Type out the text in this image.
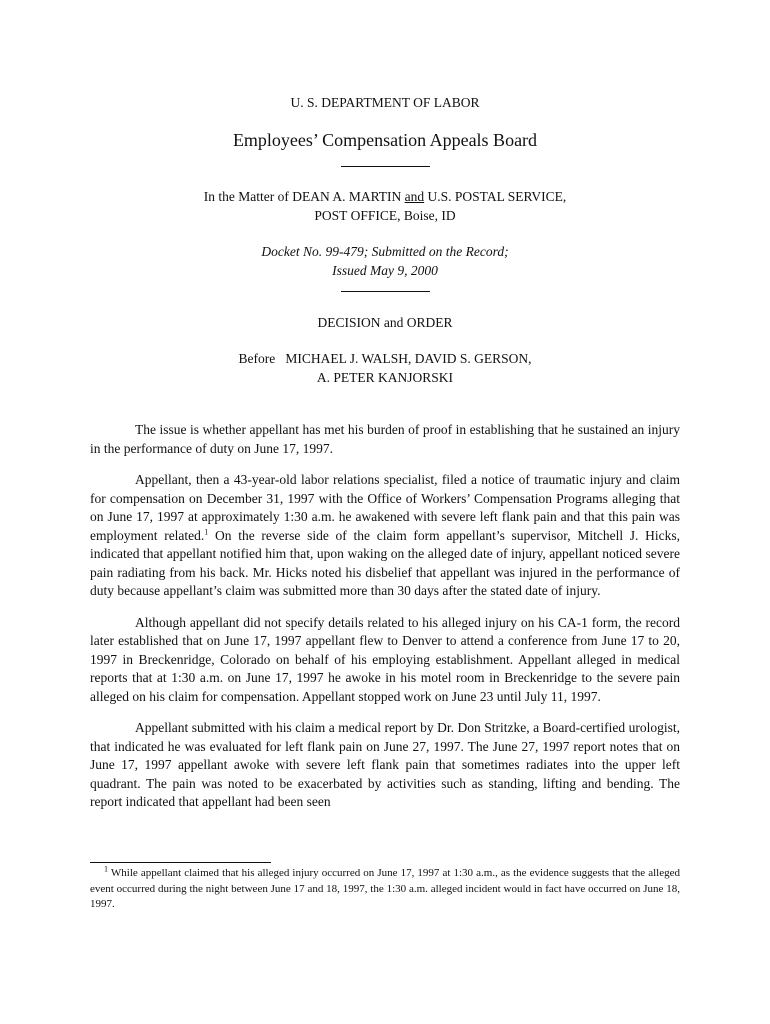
U. S. DEPARTMENT OF LABOR
Employees’ Compensation Appeals Board
In the Matter of DEAN A. MARTIN and U.S. POSTAL SERVICE,
POST OFFICE, Boise, ID
Docket No. 99-479; Submitted on the Record;
Issued May 9, 2000
DECISION and ORDER
Before   MICHAEL J. WALSH, DAVID S. GERSON,
A. PETER KANJORSKI

The issue is whether appellant has met his burden of proof in establishing that he sustained an injury in the performance of duty on June 17, 1997.

Appellant, then a 43-year-old labor relations specialist, filed a notice of traumatic injury and claim for compensation on December 31, 1997 with the Office of Workers’ Compensation Programs alleging that on June 17, 1997 at approximately 1:30 a.m. he awakened with severe left flank pain and that this pain was employment related.$^1$ On the reverse side of the claim form appellant’s supervisor, Mitchell J. Hicks, indicated that appellant notified him that, upon waking on the alleged date of injury, appellant noticed severe pain radiating from his back. Mr. Hicks noted his disbelief that appellant was injured in the performance of duty because appellant’s claim was submitted more than 30 days after the stated date of injury.

Although appellant did not specify details related to his alleged injury on his CA-1 form, the record later established that on June 17, 1997 appellant flew to Denver to attend a conference from June 17 to 20, 1997 in Breckenridge, Colorado on behalf of his employing establishment. Appellant alleged in medical reports that at 1:30 a.m. on June 17, 1997 he awoke in his motel room in Breckenridge to the severe pain alleged on his claim for compensation. Appellant stopped work on June 23 until July 11, 1997.

Appellant submitted with his claim a medical report by Dr. Don Stritzke, a Board-certified urologist, that indicated he was evaluated for left flank pain on June 27, 1997. The June 27, 1997 report notes that on June 17, 1997 appellant awoke with severe left flank pain that sometimes radiates into the upper left quadrant. The pain was noted to be exacerbated by activities such as standing, lifting and bending. The report indicated that appellant had been seen

$^1$ While appellant claimed that his alleged injury occurred on June 17, 1997 at 1:30 a.m., as the evidence suggests that the alleged event occurred during the night between June 17 and 18, 1997, the 1:30 a.m. alleged incident would in fact have occurred on June 18, 1997.
